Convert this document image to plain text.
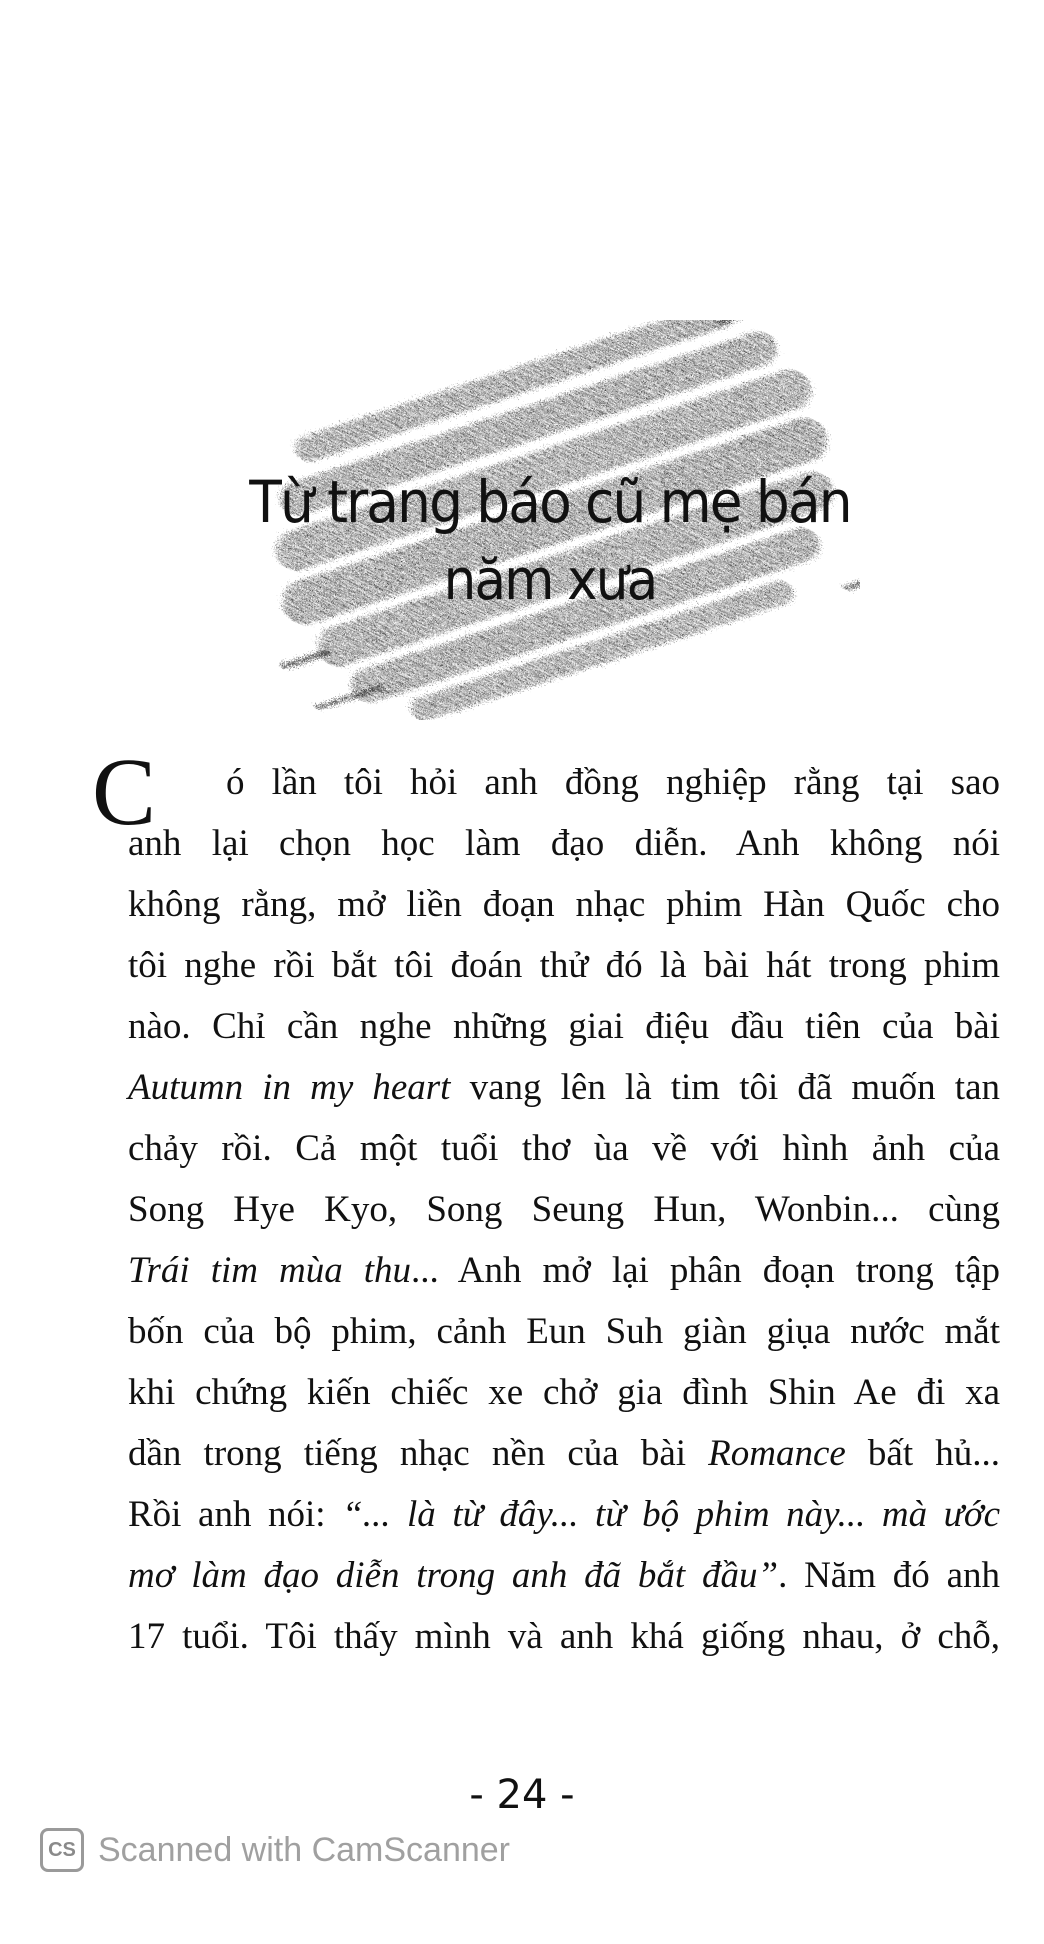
Từ trang báo cũ mẹ bán
năm xưa
C	ó lần tôi hỏi anh đồng nghiệp rằng tại sao
anh lại chọn học làm đạo diễn. Anh không nói
không rằng, mở liền đoạn nhạc phim Hàn Quốc cho
tôi nghe rồi bắt tôi đoán thử đó là bài hát trong phim
nào. Chỉ cần nghe những giai điệu đầu tiên của bài
Autumn in my heart vang lên là tim tôi đã muốn tan
chảy rồi. Cả một tuổi thơ ùa về với hình ảnh của
Song Hye Kyo, Song Seung Hun, Wonbin... cùng
Trái tim mùa thu... Anh mở lại phân đoạn trong tập
bốn của bộ phim, cảnh Eun Suh giàn giụa nước mắt
khi chứng kiến chiếc xe chở gia đình Shin Ae đi xa
dần trong tiếng nhạc nền của bài Romance bất hủ...
Rồi anh nói: “... là từ đây... từ bộ phim này... mà ước
mơ làm đạo diễn trong anh đã bắt đầu”. Năm đó anh
17 tuổi. Tôi thấy mình và anh khá giống nhau, ở chỗ,
- 24 -
CS Scanned with CamScanner
